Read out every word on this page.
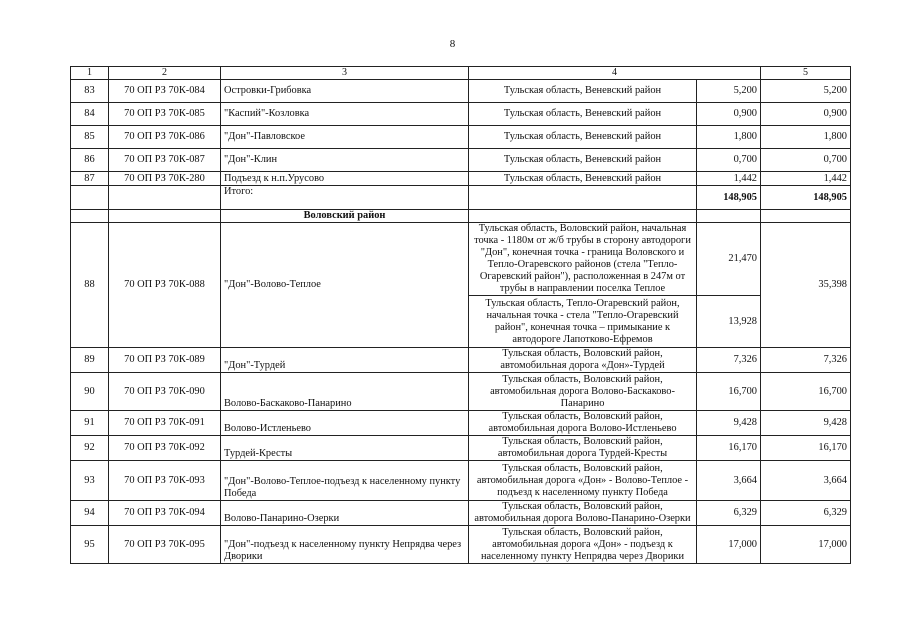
8
1	2	3	4		5
83	70 ОП РЗ 70К-084	Островки-Грибовка	Тульская область, Веневский район	5,200	5,200
84	70 ОП РЗ 70К-085	"Каспий"-Козловка	Тульская область, Веневский район	0,900	0,900
85	70 ОП РЗ 70К-086	"Дон"-Павловское	Тульская область, Веневский район	1,800	1,800
86	70 ОП РЗ 70К-087	"Дон"-Клин	Тульская область, Веневский район	0,700	0,700
87	70 ОП РЗ 70К-280	Подъезд к н.п.Урусово	Тульская область, Веневский район	1,442	1,442
		Итого:		148,905	148,905
		Воловский район			
88	70 ОП РЗ 70К-088	"Дон"-Волово-Теплое	Тульская область, Воловский район, начальная точка - 1180м от ж/б трубы в сторону автодороги "Дон", конечная точка - граница Воловского и Тепло-Огаревского районов (стела "Тепло-Огаревский район"), расположенная в 247м от трубы в направлении поселка Теплое	21,470	35,398
			Тульская область, Тепло-Огаревский район, начальная точка - стела "Тепло-Огаревский район", конечная точка – примыкание к автодороге Лапотково-Ефремов	13,928	
89	70 ОП РЗ 70К-089	"Дон"-Турдей	Тульская область, Воловский район, автомобильная дорога «Дон»-Турдей	7,326	7,326
90	70 ОП РЗ 70К-090	Волово-Баскаково-Панарино	Тульская область, Воловский район, автомобильная дорога Волово-Баскаково-Панарино	16,700	16,700
91	70 ОП РЗ 70К-091	Волово-Истленьево	Тульская область, Воловский район, автомобильная дорога Волово-Истленьево	9,428	9,428
92	70 ОП РЗ 70К-092	Турдей-Кресты	Тульская область, Воловский район, автомобильная дорога Турдей-Кресты	16,170	16,170
93	70 ОП РЗ 70К-093	"Дон"-Волово-Теплое-подъезд к населенному пункту Победа	Тульская область, Воловский район, автомобильная дорога «Дон» - Волово-Теплое - подъезд к населенному пункту Победа	3,664	3,664
94	70 ОП РЗ 70К-094	Волово-Панарино-Озерки	Тульская область, Воловский район, автомобильная дорога Волово-Панарино-Озерки	6,329	6,329
95	70 ОП РЗ 70К-095	"Дон"-подъезд к населенному пункту Непрядва через Дворики	Тульская область, Воловский район, автомобильная дорога «Дон» - подъезд к населенному пункту Непрядва через Дворики	17,000	17,000
